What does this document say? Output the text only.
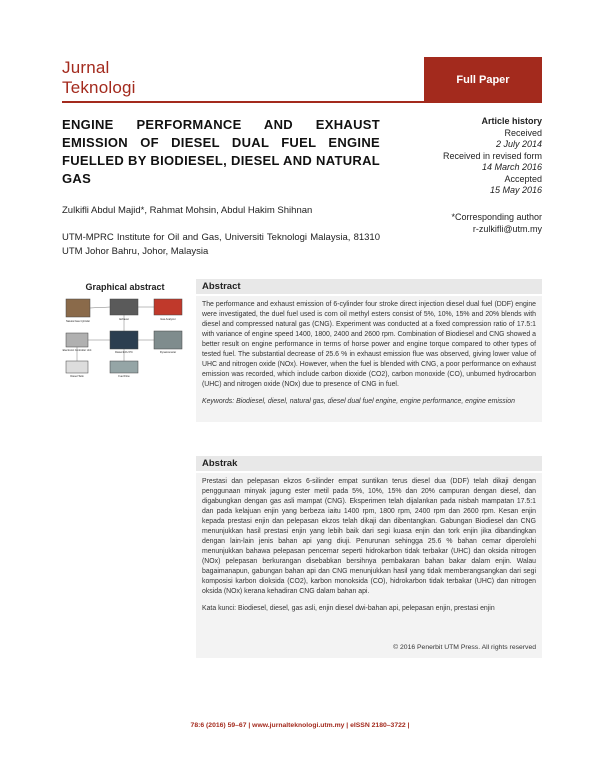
Jurnal
Teknologi	Full Paper
ENGINE PERFORMANCE AND EXHAUST EMISSION OF DIESEL DUAL FUEL ENGINE FUELLED BY BIODIESEL, DIESEL AND NATURAL GAS
Zulkifli Abdul Majid*, Rahmat Mohsin, Abdul Hakim Shihnan
UTM-MPRC Institute for Oil and Gas, Universiti Teknologi Malaysia, 81310 UTM Johor Bahru, Johor, Malaysia
Article history
Received
2 July 2014
Received in revised form
14 March 2016
Accepted
15 May 2016
*Corresponding author
r-zulkifli@utm.my
Graphical abstract
Natural Gas Cylinder
Exhaust	Gas Analyzer
Electronic Controller Unit
Diesel ECU PC	Dynamometer
Diesel Tank	Fuel Flow
Abstract

The performance and exhaust emission of 6-cylinder four stroke direct injection diesel dual fuel (DDF) engine were investigated, the duel fuel used is corn oil methyl esters consist of 5%, 10%, 15% and 20% blends with diesel and compressed natural gas (CNG). Experiment was conducted at a fixed compression ratio of 17.5:1 with variance of engine speed 1400, 1800, 2400 and 2600 rpm. Combination of Biodiesel and CNG showed a better result on engine performance in terms of horse power and engine torque compared to other types of tested fuel. The substantial decrease of 25.6 % in exhaust emission flue was observed, giving lower value of UHC and nitrogen oxide (NOx). However, when the fuel is blended with CNG, a poor performance on exhaust emission was recorded, which include carbon dioxide (CO2), carbon monoxide (CO), unburned hydrocarbon (UHC) and nitrogen oxide (NOx) due to presence of CNG in fuel.

Keywords: Biodiesel, diesel, natural gas, diesel dual fuel engine, engine performance, engine emission

Abstrak

Prestasi dan pelepasan ekzos 6-silinder empat suntikan terus diesel dua (DDF) telah dikaji dengan penggunaan minyak jagung ester metil pada 5%, 10%, 15% dan 20% campuran dengan diesel, dan digabungkan dengan gas asli mampat (CNG). Eksperimen telah dijalankan pada nisbah mampatan 17.5:1 dan pada kelajuan enjin yang berbeza iaitu 1400 rpm, 1800 rpm, 2400 rpm dan 2600 rpm. Kesan enjin kepada prestasi enjin dan pelepasan ekzos telah dikaji dan dibentangkan. Gabungan Biodiesel dan CNG menunjukkan hasil prestasi enjin yang lebih baik dari segi kuasa enjin dan tork enjin jika dibandingkan dengan lain-lain jenis bahan api yang diuji. Penurunan sehingga 25.6 % bahan cemar diperolehi menunjukkan bahawa pelepasan pencemar seperti hidrokarbon tidak terbakar (UHC) dan oksida nitrogen (NOx) pelepasan berkurangan disebabkan bersihnya pembakaran bahan bakar dalam enjin. Walau bagaimanapun, gabungan bahan api dan CNG menunjukkan hasil yang tidak memberangsangkan dari segi komposisi karbon dioksida (CO2), karbon monoksida (CO), hidrokarbon tidak terbakar (UHC) dan nitrogen oksida (NOx) kerana kehadiran CNG dalam bahan api.

Kata kunci: Biodiesel, diesel, gas asli, enjin diesel dwi-bahan api, pelepasan enjin, prestasi enjin

© 2016 Penerbit UTM Press. All rights reserved
78:6 (2016) 59–67 | www.jurnalteknologi.utm.my | eISSN 2180–3722 |
